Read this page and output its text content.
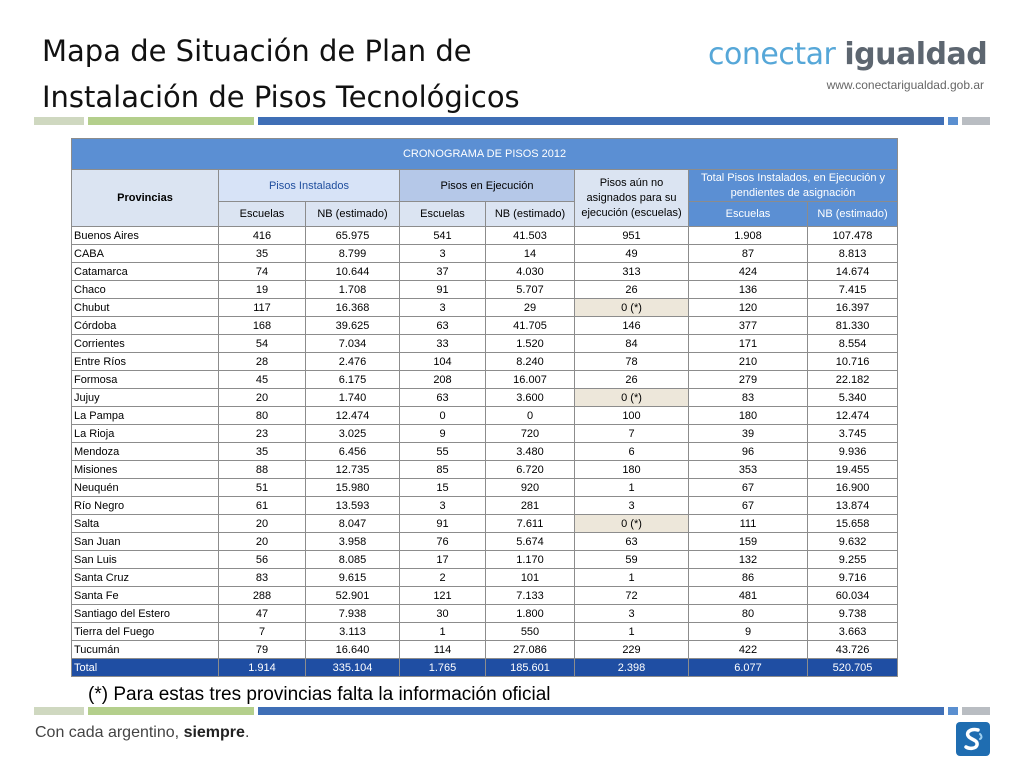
Mapa de Situación de Plan de
Instalación de Pisos Tecnológicos
conectar igualdad
www.conectarigualdad.gob.ar
CRONOGRAMA DE PISOS 2012							
Provincias	Pisos Instalados		Pisos en Ejecución		Pisos aún no asignados para su ejecución (escuelas)	Total Pisos Instalados, en Ejecución y pendientes de asignación	
	Escuelas	NB (estimado)	Escuelas	NB (estimado)		Escuelas	NB (estimado)
Buenos Aires	416	65.975	541	41.503	951	1.908	107.478
CABA	35	8.799	3	14	49	87	8.813
Catamarca	74	10.644	37	4.030	313	424	14.674
Chaco	19	1.708	91	5.707	26	136	7.415
Chubut	117	16.368	3	29	0 (*)	120	16.397
Córdoba	168	39.625	63	41.705	146	377	81.330
Corrientes	54	7.034	33	1.520	84	171	8.554
Entre Ríos	28	2.476	104	8.240	78	210	10.716
Formosa	45	6.175	208	16.007	26	279	22.182
Jujuy	20	1.740	63	3.600	0 (*)	83	5.340
La Pampa	80	12.474	0	0	100	180	12.474
La Rioja	23	3.025	9	720	7	39	3.745
Mendoza	35	6.456	55	3.480	6	96	9.936
Misiones	88	12.735	85	6.720	180	353	19.455
Neuquén	51	15.980	15	920	1	67	16.900
Río Negro	61	13.593	3	281	3	67	13.874
Salta	20	8.047	91	7.611	0 (*)	111	15.658
San Juan	20	3.958	76	5.674	63	159	9.632
San Luis	56	8.085	17	1.170	59	132	9.255
Santa Cruz	83	9.615	2	101	1	86	9.716
Santa Fe	288	52.901	121	7.133	72	481	60.034
Santiago del Estero	47	7.938	30	1.800	3	80	9.738
Tierra del Fuego	7	3.113	1	550	1	9	3.663
Tucumán	79	16.640	114	27.086	229	422	43.726
Total	1.914	335.104	1.765	185.601	2.398	6.077	520.705
(*) Para estas tres provincias falta la información oficial
Con cada argentino, siempre.
